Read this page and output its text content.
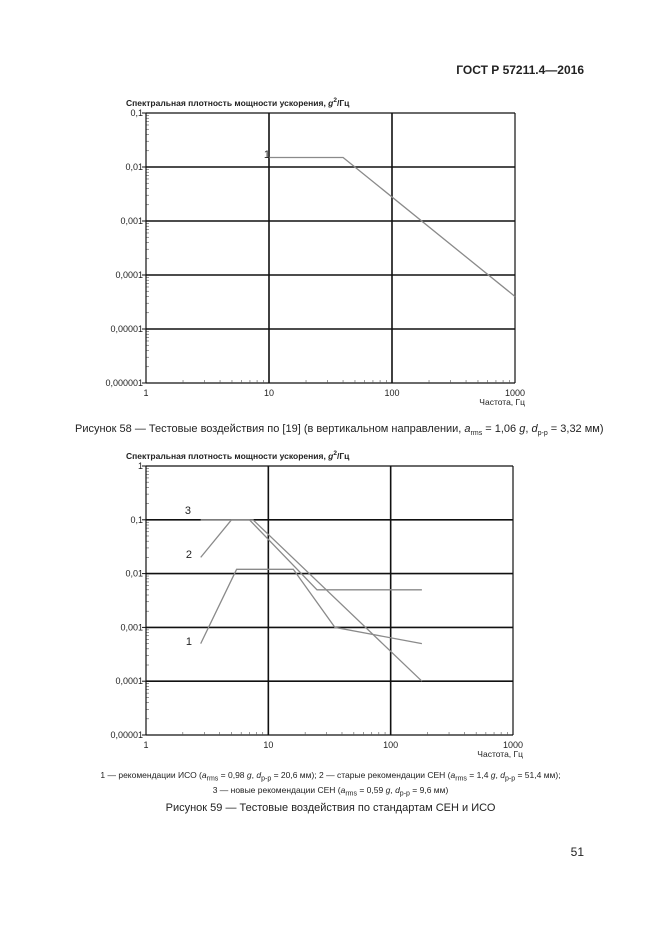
ГОСТ Р 57211.4—2016
Спектральная плотность мощности ускорения, $g^2/Гц$
0,000001
0,00001
0,0001
0,001
0,01
0,1
1	10	100	1000
Частота, Гц
1
Спектральная плотность мощности ускорения, $g^2/Гц$
0,00001
0,0001
0,001
0,01
0,1
1
1	10	100	1000
Частота, Гц
1
2
3
Рисунок 58 — Тестовые воздействия по [19] (в вертикальном направлении, $a_{rms} = 1,06$ g, $d_{p-p} = 3,32$ мм)
1 — рекомендации ИСО ($a_{rms} = 0,98$ g, $d_{p-p} = 20,6$ мм); 2 — старые рекомендации СЕН ($a_{rms} = 1,4$ g, $d_{p-p} = 51,4$ мм);
3 — новые рекомендации СЕН ($a_{rms} = 0,59$ g, $d_{p-p} = 9,6$ мм)
Рисунок 59 — Тестовые воздействия по стандартам СЕН и ИСО
51
